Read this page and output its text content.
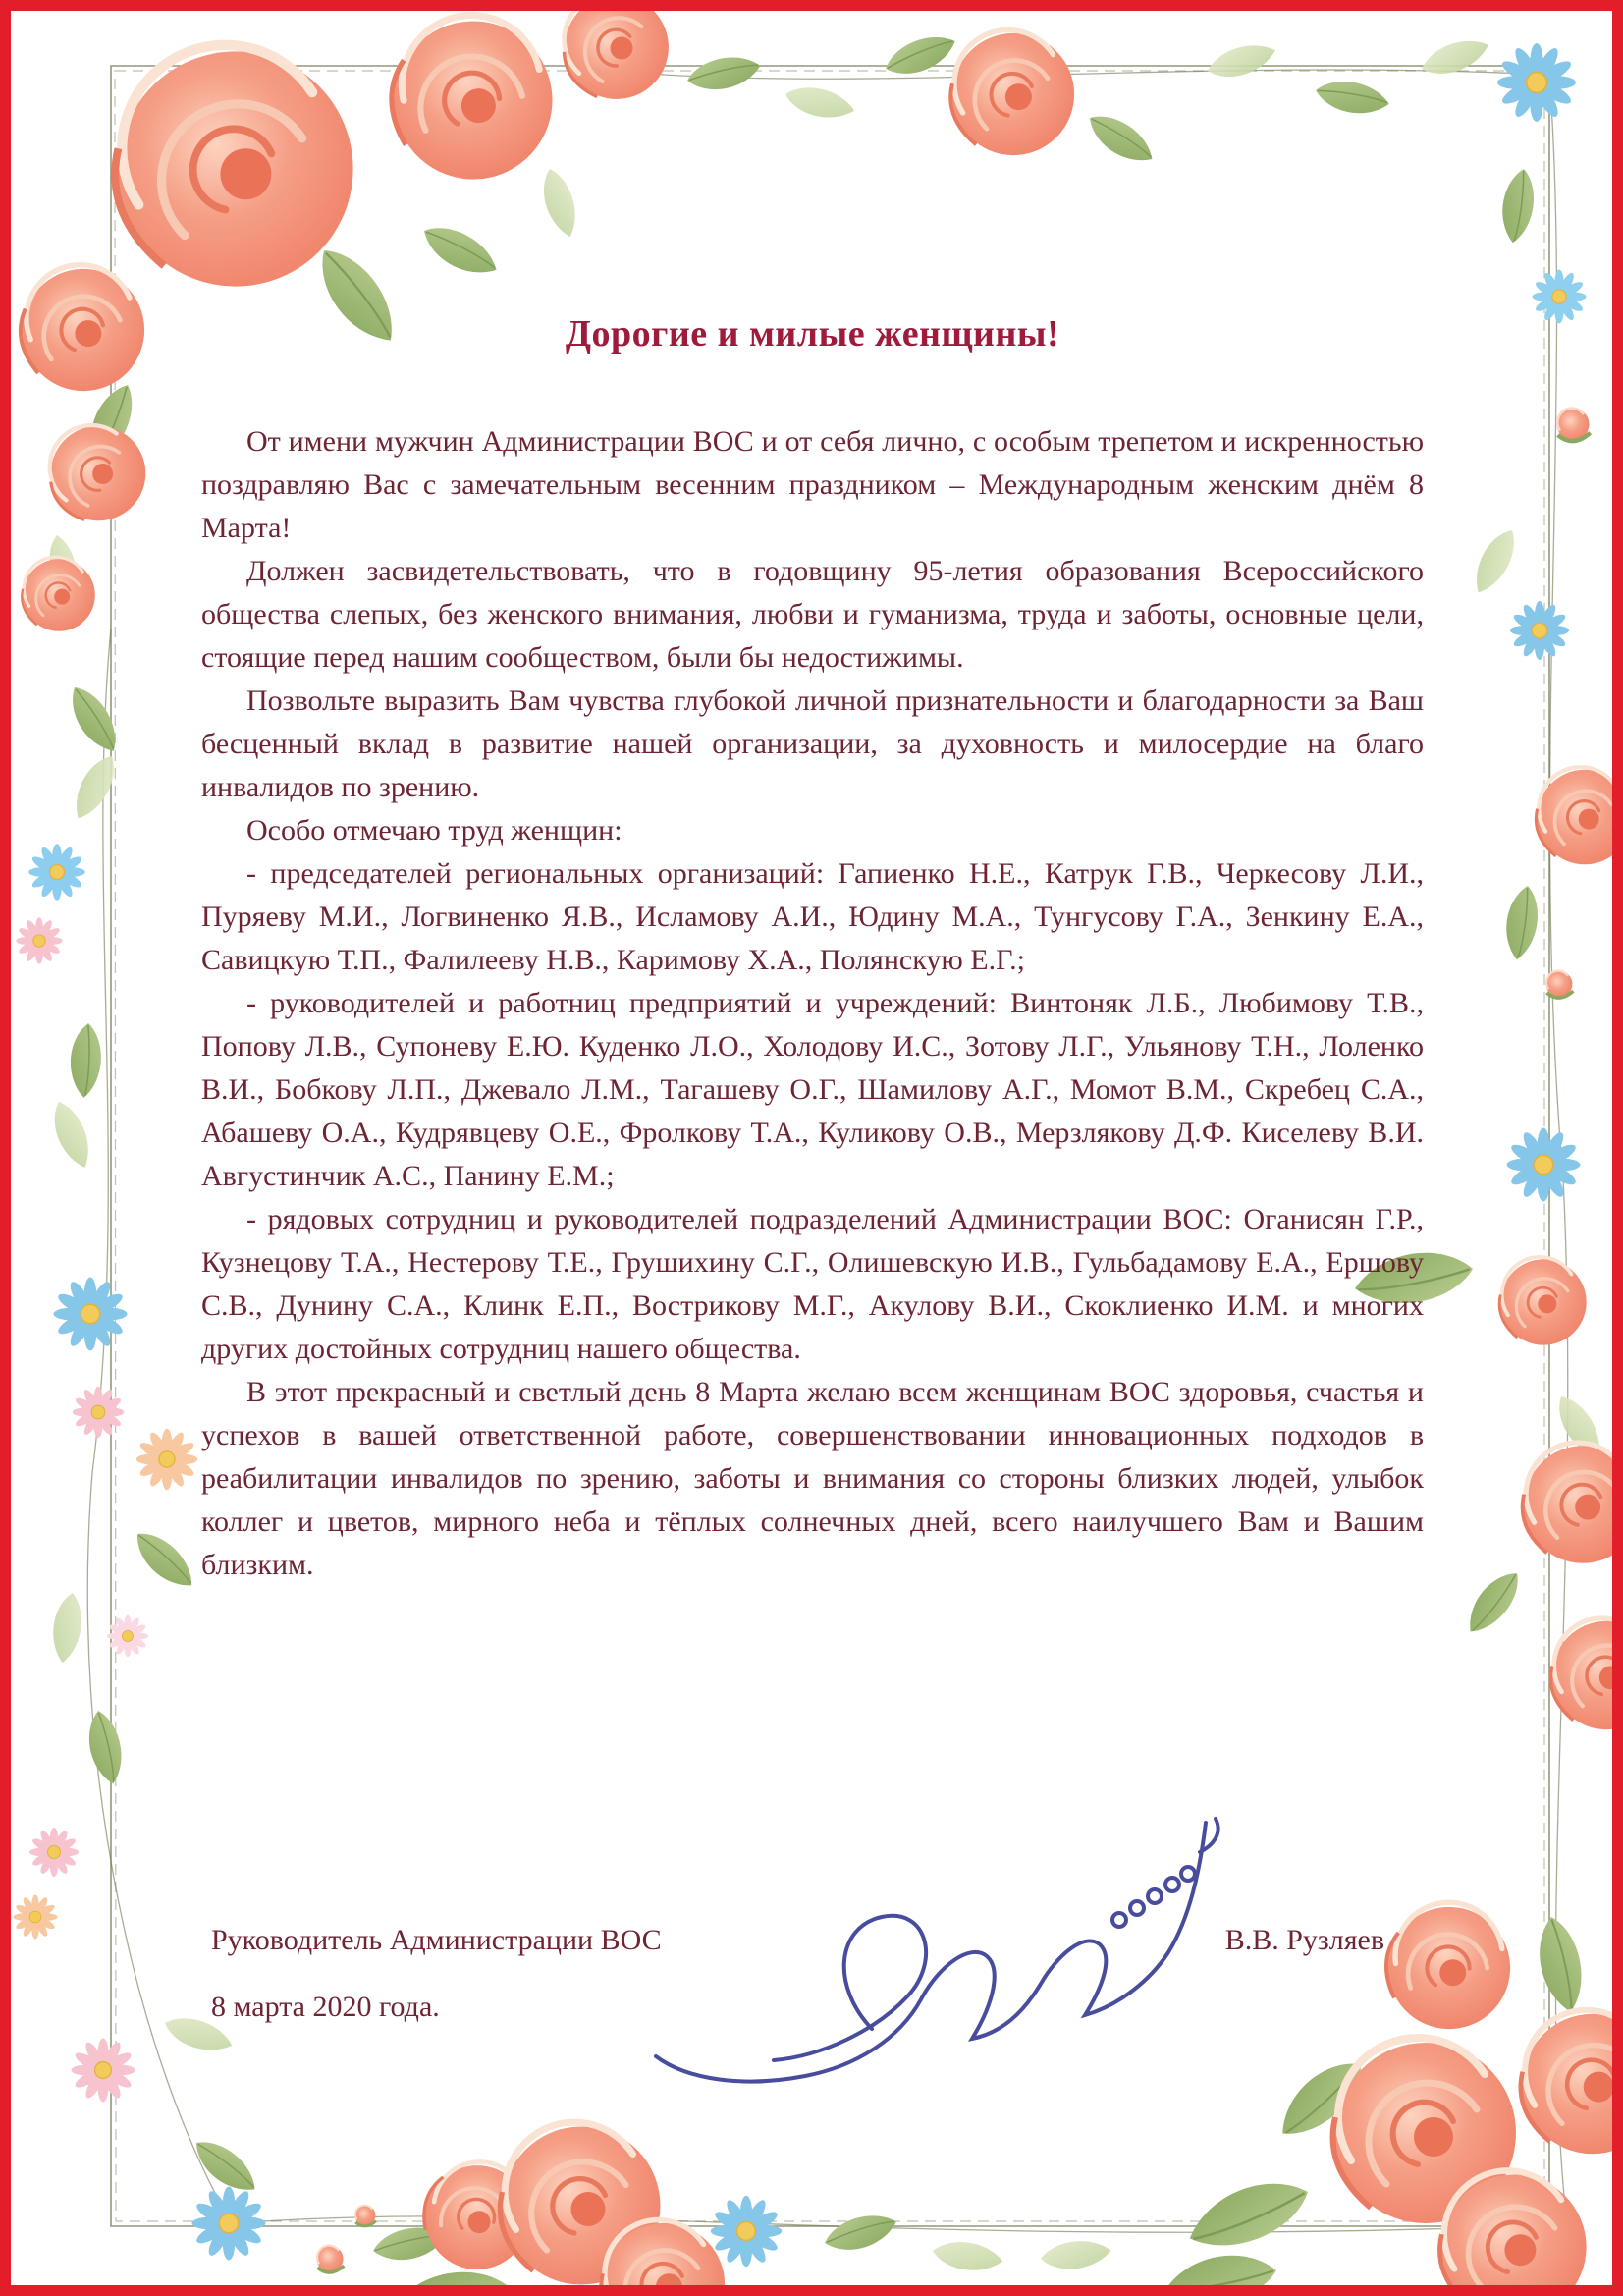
Дорогие и милые женщины!

От имени мужчин Администрации ВОС и от себя лично, с особым трепетом и искренностью поздравляю Вас с замечательным весенним праздником – Международным женским днём 8 Марта!

Должен засвидетельствовать, что в годовщину 95-летия образования Всероссийского общества слепых, без женского внимания, любви и гуманизма, труда и заботы, основные цели, стоящие перед нашим сообществом, были бы недостижимы.

Позвольте выразить Вам чувства глубокой личной признательности и благодарности за Ваш бесценный вклад в развитие нашей организации, за духовность и милосердие на благо инвалидов по зрению.

Особо отмечаю труд женщин:

- председателей региональных организаций: Гапиенко Н.Е., Катрук Г.В., Черкесову Л.И., Пуряеву М.И., Логвиненко Я.В., Исламову А.И., Юдину М.А., Тунгусову Г.А., Зенкину Е.А., Савицкую Т.П., Фалилееву Н.В., Каримову Х.А., Полянскую Е.Г.;

- руководителей и работниц предприятий и учреждений: Винтоняк Л.Б., Любимову Т.В., Попову Л.В., Супоневу Е.Ю. Куденко Л.О., Холодову И.С., Зотову Л.Г., Ульянову Т.Н., Лоленко В.И., Бобкову Л.П., Джевало Л.М., Тагашеву О.Г., Шамилову А.Г., Момот В.М., Скребец С.А., Абашеву О.А., Кудрявцеву О.Е., Фролкову Т.А., Куликову О.В., Мерзлякову Д.Ф. Киселеву В.И. Августинчик А.С., Панину Е.М.;

- рядовых сотрудниц и руководителей подразделений Администрации ВОС: Оганисян Г.Р., Кузнецову Т.А., Нестерову Т.Е., Грушихину С.Г., Олишевскую И.В., Гульбадамову Е.А., Ершову С.В., Дунину С.А., Клинк Е.П., Вострикову М.Г., Акулову В.И., Скоклиенко И.М. и многих других достойных сотрудниц нашего общества.

В этот прекрасный и светлый день 8 Марта желаю всем женщинам ВОС здоровья, счастья и успехов в вашей ответственной работе, совершенствовании инновационных подходов в реабилитации инвалидов по зрению, заботы и внимания со стороны близких людей, улыбок коллег и цветов, мирного неба и тёплых солнечных дней, всего наилучшего Вам и Вашим близким.

Руководитель Администрации ВОС	В.В. Рузляев
8 марта 2020 года.
